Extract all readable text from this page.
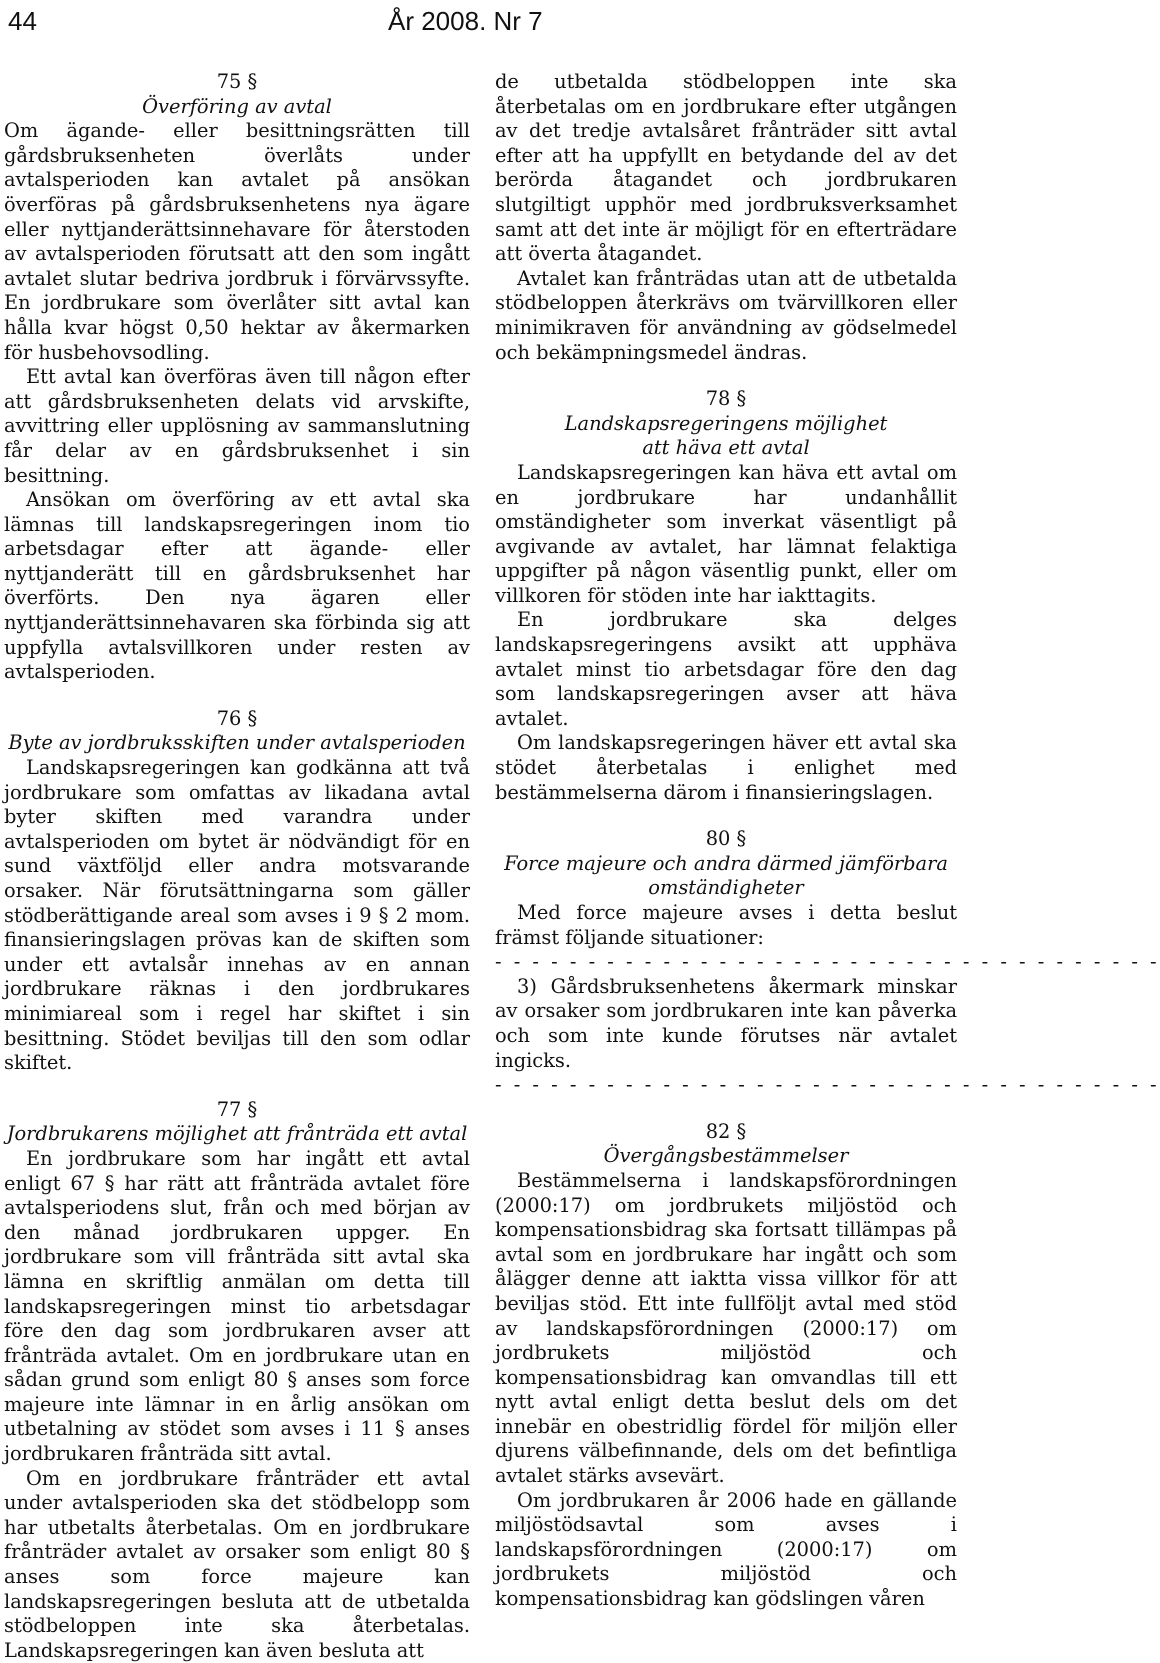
44	År 2008. Nr 7
75 §
Överföring av avtal

Om ägande- eller besittningsrätten till gårdsbruksenheten överlåts under avtalsperioden kan avtalet på ansökan överföras på gårdsbruksenhetens nya ägare eller nyttjanderättsinnehavare för återstoden av avtalsperioden förutsatt att den som ingått avtalet slutar bedriva jordbruk i förvärvssyfte. En jordbrukare som överlåter sitt avtal kan hålla kvar högst 0,50 hektar av åkermarken för husbehovsodling.

Ett avtal kan överföras även till någon efter att gårdsbruksenheten delats vid arvskifte, avvittring eller upplösning av sammanslutning får delar av en gårdsbruksenhet i sin besittning.

Ansökan om överföring av ett avtal ska lämnas till landskapsregeringen inom tio arbetsdagar efter att ägande- eller nyttjanderätt till en gårdsbruksenhet har överförts. Den nya ägaren eller nyttjanderättsinnehavaren ska förbinda sig att uppfylla avtalsvillkoren under resten av avtalsperioden.

76 §
Byte av jordbruksskiften under avtalsperioden

Landskapsregeringen kan godkänna att två jordbrukare som omfattas av likadana avtal byter skiften med varandra under avtalsperioden om bytet är nödvändigt för en sund växtföljd eller andra motsvarande orsaker. När förutsättningarna som gäller stödberättigande areal som avses i 9 § 2 mom. finansieringslagen prövas kan de skiften som under ett avtalsår innehas av en annan jordbrukare räknas i den jordbrukares minimiareal som i regel har skiftet i sin besittning. Stödet beviljas till den som odlar skiftet.

77 §
Jordbrukarens möjlighet att frånträda ett avtal

En jordbrukare som har ingått ett avtal enligt 67 § har rätt att frånträda avtalet före avtalsperiodens slut, från och med början av den månad jordbrukaren uppger. En jordbrukare som vill frånträda sitt avtal ska lämna en skriftlig anmälan om detta till landskapsregeringen minst tio arbetsdagar före den dag som jordbrukaren avser att frånträda avtalet. Om en jordbrukare utan en sådan grund som enligt 80 § anses som force majeure inte lämnar in en årlig ansökan om utbetalning av stödet som avses i 11 § anses jordbrukaren frånträda sitt avtal.

Om en jordbrukare frånträder ett avtal under avtalsperioden ska det stödbelopp som har utbetalts återbetalas. Om en jordbrukare frånträder avtalet av orsaker som enligt 80 § anses som force majeure kan landskapsregeringen besluta att de utbetalda stödbeloppen inte ska återbetalas. Landskapsregeringen kan även besluta att

de utbetalda stödbeloppen inte ska återbetalas om en jordbrukare efter utgången av det tredje avtalsåret frånträder sitt avtal efter att ha uppfyllt en betydande del av det berörda åtagandet och jordbrukaren slutgiltigt upphör med jordbruksverksamhet samt att det inte är möjligt för en efterträdare att överta åtagandet.

Avtalet kan frånträdas utan att de utbetalda stödbeloppen återkrävs om tvärvillkoren eller minimikraven för användning av gödselmedel och bekämpningsmedel ändras.

78 §
Landskapsregeringens möjlighet
att häva ett avtal

Landskapsregeringen kan häva ett avtal om en jordbrukare har undanhållit omständigheter som inverkat väsentligt på avgivande av avtalet, har lämnat felaktiga uppgifter på någon väsentlig punkt, eller om villkoren för stöden inte har iakttagits.

En jordbrukare ska delges landskapsregeringens avsikt att upphäva avtalet minst tio arbetsdagar före den dag som landskapsregeringen avser att häva avtalet.

Om landskapsregeringen häver ett avtal ska stödet återbetalas i enlighet med bestämmelserna därom i finansieringslagen.

80 §
Force majeure och andra därmed jämförbara
omständigheter

Med force majeure avses i detta beslut främst följande situationer:

- - - - - - - - - - - - - - - - - - - - - - - - - - - - - - - - - - - -

3) Gårdsbruksenhetens åkermark minskar av orsaker som jordbrukaren inte kan påverka och som inte kunde förutses när avtalet ingicks.

- - - - - - - - - - - - - - - - - - - - - - - - - - - - - - - - - - - -
82 §
Övergångsbestämmelser

Bestämmelserna i landskapsförordningen (2000:17) om jordbrukets miljöstöd och kompensationsbidrag ska fortsatt tillämpas på avtal som en jordbrukare har ingått och som ålägger denne att iaktta vissa villkor för att beviljas stöd. Ett inte fullföljt avtal med stöd av landskapsförordningen (2000:17) om jordbrukets miljöstöd och kompensationsbidrag kan omvandlas till ett nytt avtal enligt detta beslut dels om det innebär en obestridlig fördel för miljön eller djurens välbefinnande, dels om det befintliga avtalet stärks avsevärt.

Om jordbrukaren år 2006 hade en gällande miljöstödsavtal som avses i landskapsförordningen (2000:17) om jordbrukets miljöstöd och kompensationsbidrag kan gödslingen våren
